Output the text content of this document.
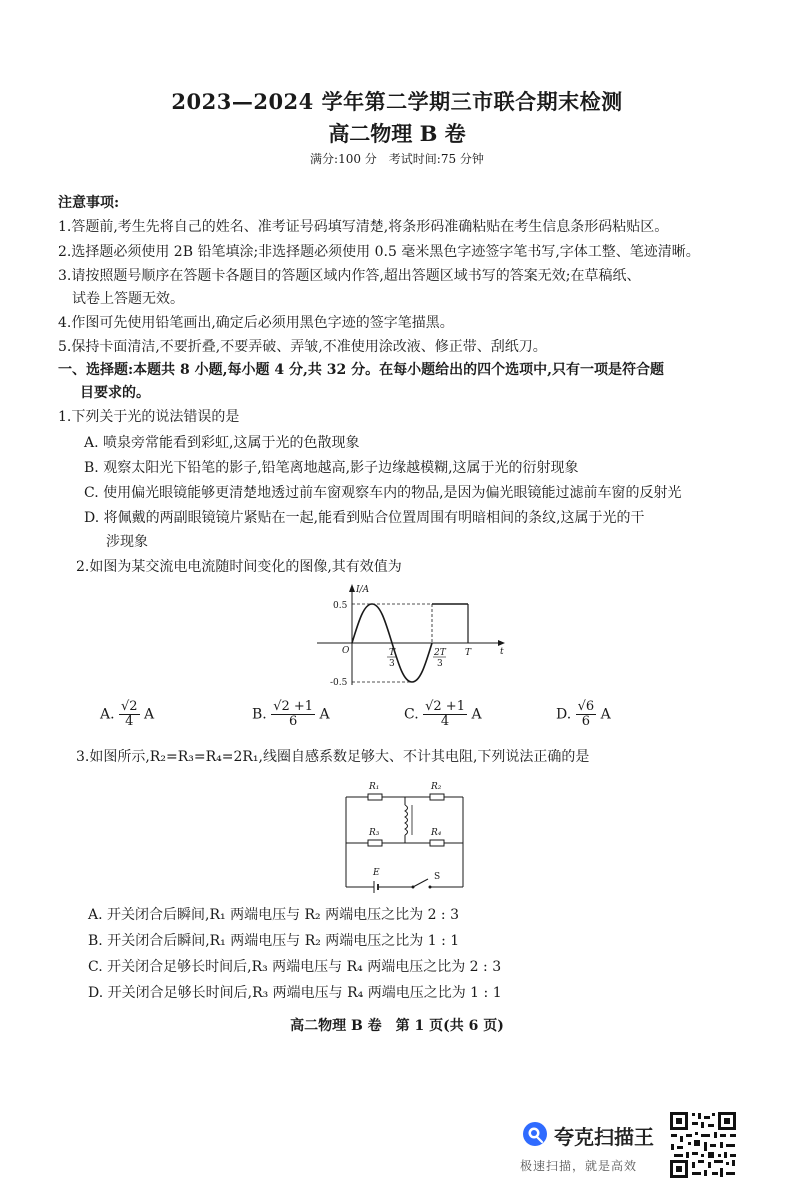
2023—2024 学年第二学期三市联合期末检测
高二物理 B 卷
满分:100 分　考试时间:75 分钟
注意事项:
1.答题前,考生先将自己的姓名、准考证号码填写清楚,将条形码准确粘贴在考生信息条形码粘贴区。
2.选择题必须使用 2B 铅笔填涂;非选择题必须使用 0.5 毫米黑色字迹签字笔书写,字体工整、笔迹清晰。
3.请按照题号顺序在答题卡各题目的答题区域内作答,超出答题区域书写的答案无效;在草稿纸、
试卷上答题无效。
4.作图可先使用铅笔画出,确定后必须用黑色字迹的签字笔描黑。
5.保持卡面清洁,不要折叠,不要弄破、弄皱,不准使用涂改液、修正带、刮纸刀。
一、选择题:本题共 8 小题,每小题 4 分,共 32 分。在每小题给出的四个选项中,只有一项是符合题
目要求的。
1.下列关于光的说法错误的是
A. 喷泉旁常能看到彩虹,这属于光的色散现象
B. 观察太阳光下铅笔的影子,铅笔离地越高,影子边缘越模糊,这属于光的衍射现象
C. 使用偏光眼镜能够更清楚地透过前车窗观察车内的物品,是因为偏光眼镜能过滤前车窗的反射光
D. 将佩戴的两副眼镜镜片紧贴在一起,能看到贴合位置周围有明暗相间的条纹,这属于光的干
涉现象
2.如图为某交流电电流随时间变化的图像,其有效值为
I/A
t
O
0.5
-0.5
T
3
2T
3
T
A. $\frac{√2}{4}$ A	B. $\frac{√2 +1}{6}$ A	C. $\frac{√2 +1}{4}$ A	D. $\frac{√6}{6}$ A
3.如图所示,R₂=R₃=R₄=2R₁,线圈自感系数足够大、不计其电阻,下列说法正确的是
R₁	R₂
R₃	R₄
E	S
A. 开关闭合后瞬间,R₁ 两端电压与 R₂ 两端电压之比为 2 : 3
B. 开关闭合后瞬间,R₁ 两端电压与 R₂ 两端电压之比为 1 : 1
C. 开关闭合足够长时间后,R₃ 两端电压与 R₄ 两端电压之比为 2 : 3
D. 开关闭合足够长时间后,R₃ 两端电压与 R₄ 两端电压之比为 1 : 1
高二物理 B 卷　第 1 页(共 6 页)
夸克扫描王
极速扫描，就是高效
